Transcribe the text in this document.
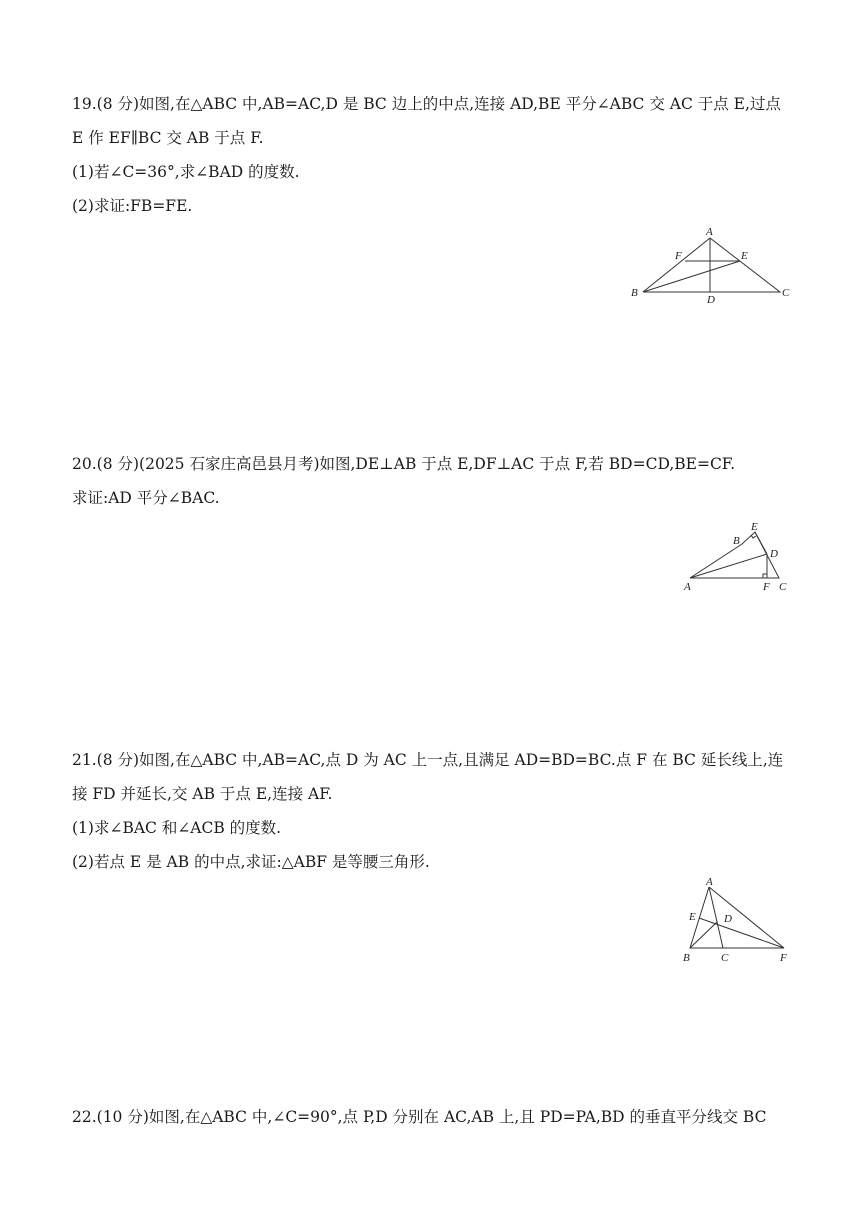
19.(8 分)如图,在△ABC 中,AB=AC,D 是 BC 边上的中点,连接 AD,BE 平分∠ABC 交 AC 于点 E,过点
E 作 EF∥BC 交 AB 于点 F.
(1)若∠C=36°,求∠BAD 的度数.
(2)求证:FB=FE.
A
B	C
D
E
F
20.(8 分)(2025 石家庄高邑县月考)如图,DE⊥AB 于点 E,DF⊥AC 于点 F,若 BD=CD,BE=CF.
求证:AD 平分∠BAC.
A
B
C
D
E
F
21.(8 分)如图,在△ABC 中,AB=AC,点 D 为 AC 上一点,且满足 AD=BD=BC.点 F 在 BC 延长线上,连
接 FD 并延长,交 AB 于点 E,连接 AF.
(1)求∠BAC 和∠ACB 的度数.
(2)若点 E 是 AB 的中点,求证:△ABF 是等腰三角形.
A
B	C
D
E
F
22.(10 分)如图,在△ABC 中,∠C=90°,点 P,D 分别在 AC,AB 上,且 PD=PA,BD 的垂直平分线交 BC
